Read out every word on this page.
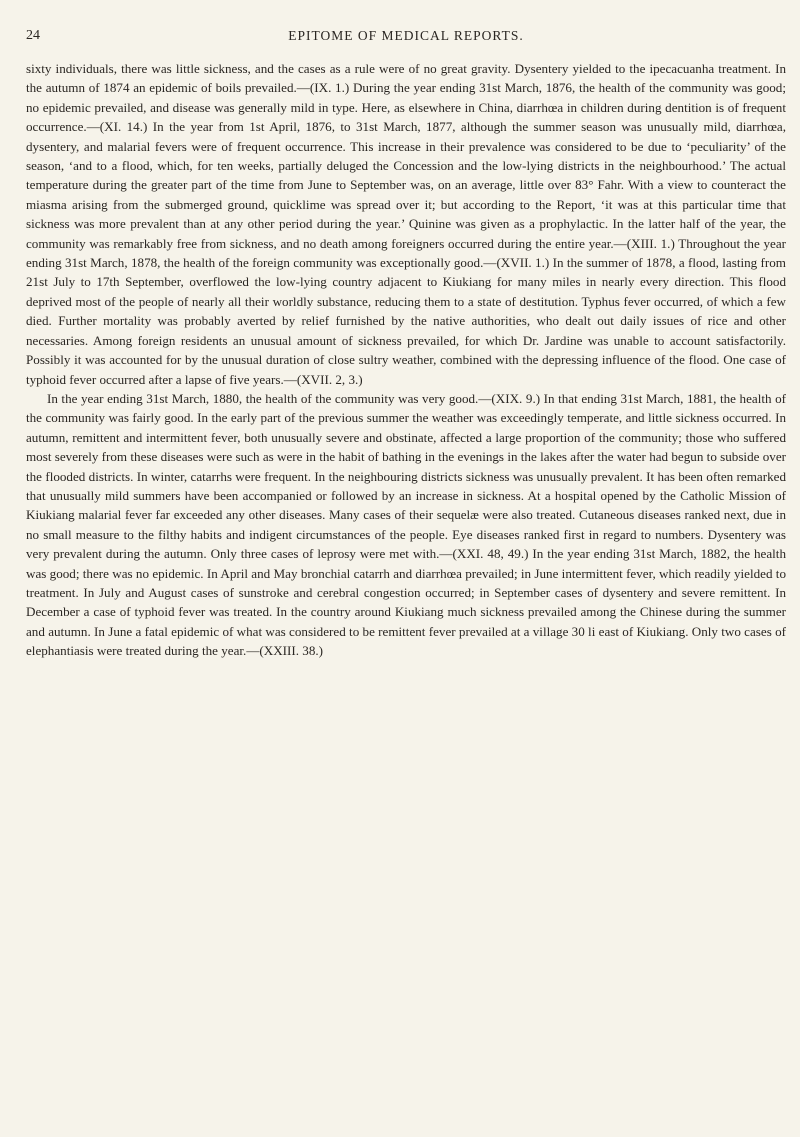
24	EPITOME OF MEDICAL REPORTS.

sixty individuals, there was little sickness, and the cases as a rule were of no great gravity. Dysentery yielded to the ipecacuanha treatment. In the autumn of 1874 an epidemic of boils prevailed.—(IX. 1.) During the year ending 31st March, 1876, the health of the community was good; no epidemic prevailed, and disease was generally mild in type. Here, as elsewhere in China, diarrhœa in children during dentition is of frequent occurrence.—(XI. 14.) In the year from 1st April, 1876, to 31st March, 1877, although the summer season was unusually mild, diarrhœa, dysentery, and malarial fevers were of frequent occurrence. This increase in their prevalence was considered to be due to ‘peculiarity’ of the season, ‘and to a flood, which, for ten weeks, partially deluged the Concession and the low-lying districts in the neighbourhood.’ The actual temperature during the greater part of the time from June to September was, on an average, little over 83° Fahr. With a view to counteract the miasma arising from the submerged ground, quicklime was spread over it; but according to the Report, ‘it was at this particular time that sickness was more prevalent than at any other period during the year.’ Quinine was given as a prophylactic. In the latter half of the year, the community was remarkably free from sickness, and no death among foreigners occurred during the entire year.—(XIII. 1.) Throughout the year ending 31st March, 1878, the health of the foreign community was exceptionally good.—(XVII. 1.) In the summer of 1878, a flood, lasting from 21st July to 17th September, overflowed the low-lying country adjacent to Kiukiang for many miles in nearly every direction. This flood deprived most of the people of nearly all their worldly substance, reducing them to a state of destitution. Typhus fever occurred, of which a few died. Further mortality was probably averted by relief furnished by the native authorities, who dealt out daily issues of rice and other necessaries. Among foreign residents an unusual amount of sickness prevailed, for which Dr. Jardine was unable to account satisfactorily. Possibly it was accounted for by the unusual duration of close sultry weather, combined with the depressing influence of the flood. One case of typhoid fever occurred after a lapse of five years.—(XVII. 2, 3.)

In the year ending 31st March, 1880, the health of the community was very good.—(XIX. 9.) In that ending 31st March, 1881, the health of the community was fairly good. In the early part of the previous summer the weather was exceedingly temperate, and little sickness occurred. In autumn, remittent and intermittent fever, both unusually severe and obstinate, affected a large proportion of the community; those who suffered most severely from these diseases were such as were in the habit of bathing in the evenings in the lakes after the water had begun to subside over the flooded districts. In winter, catarrhs were frequent. In the neighbouring districts sickness was unusually prevalent. It has been often remarked that unusually mild summers have been accompanied or followed by an increase in sickness. At a hospital opened by the Catholic Mission of Kiukiang malarial fever far exceeded any other diseases. Many cases of their sequelæ were also treated. Cutaneous diseases ranked next, due in no small measure to the filthy habits and indigent circumstances of the people. Eye diseases ranked first in regard to numbers. Dysentery was very prevalent during the autumn. Only three cases of leprosy were met with.—(XXI. 48, 49.) In the year ending 31st March, 1882, the health was good; there was no epidemic. In April and May bronchial catarrh and diarrhœa prevailed; in June intermittent fever, which readily yielded to treatment. In July and August cases of sunstroke and cerebral congestion occurred; in September cases of dysentery and severe remittent. In December a case of typhoid fever was treated. In the country around Kiukiang much sickness prevailed among the Chinese during the summer and autumn. In June a fatal epidemic of what was considered to be remittent fever prevailed at a village 30 li east of Kiukiang. Only two cases of elephantiasis were treated during the year.—(XXIII. 38.)
